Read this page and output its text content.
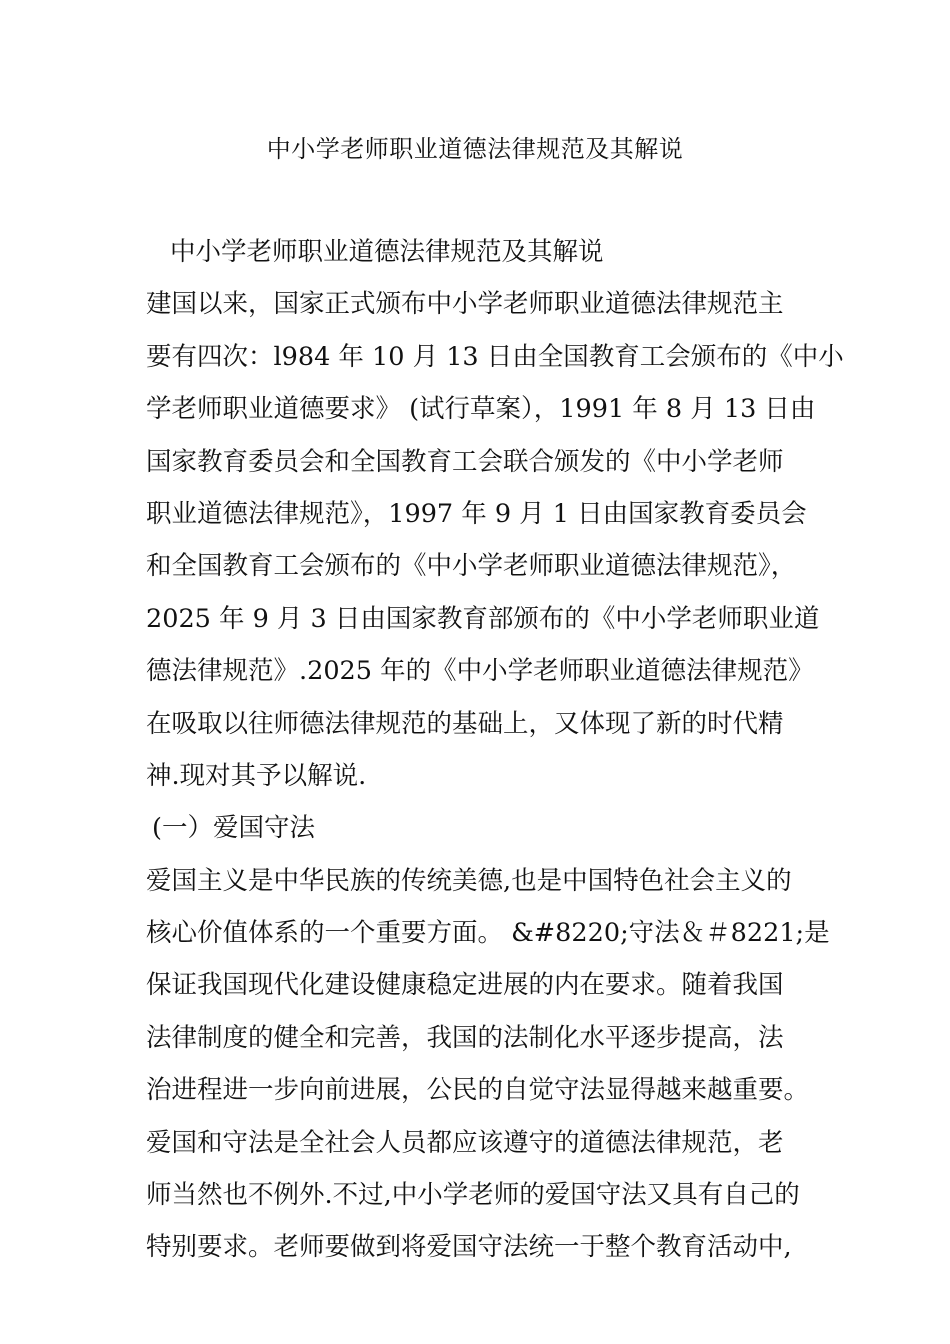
中小学老师职业道德法律规范及其解说
中小学老师职业道德法律规范及其解说
建国以来，国家正式颁布中小学老师职业道德法律规范主
要有四次：l984 年 10 月 13 日由全国教育工会颁布的《中小
学老师职业道德要求》 (试行草案），1991 年 8 月 13 日由
国家教育委员会和全国教育工会联合颁发的《中小学老师
职业道德法律规范》，1997 年 9 月 1 日由国家教育委员会
和全国教育工会颁布的《中小学老师职业道德法律规范》，
2025 年 9 月 3 日由国家教育部颁布的《中小学老师职业道
德法律规范》.2025 年的《中小学老师职业道德法律规范》
在吸取以往师德法律规范的基础上，又体现了新的时代精
神.现对其予以解说.
(一）爱国守法
爱国主义是中华民族的传统美德,也是中国特色社会主义的
核心价值体系的一个重要方面。 &#8220;守法＆＃8221;是
保证我国现代化建设健康稳定进展的内在要求。随着我国
法律制度的健全和完善，我国的法制化水平逐步提高，法
治进程进一步向前进展，公民的自觉守法显得越来越重要。
爱国和守法是全社会人员都应该遵守的道德法律规范，老
师当然也不例外.不过,中小学老师的爱国守法又具有自己的
特别要求。老师要做到将爱国守法统一于整个教育活动中,
